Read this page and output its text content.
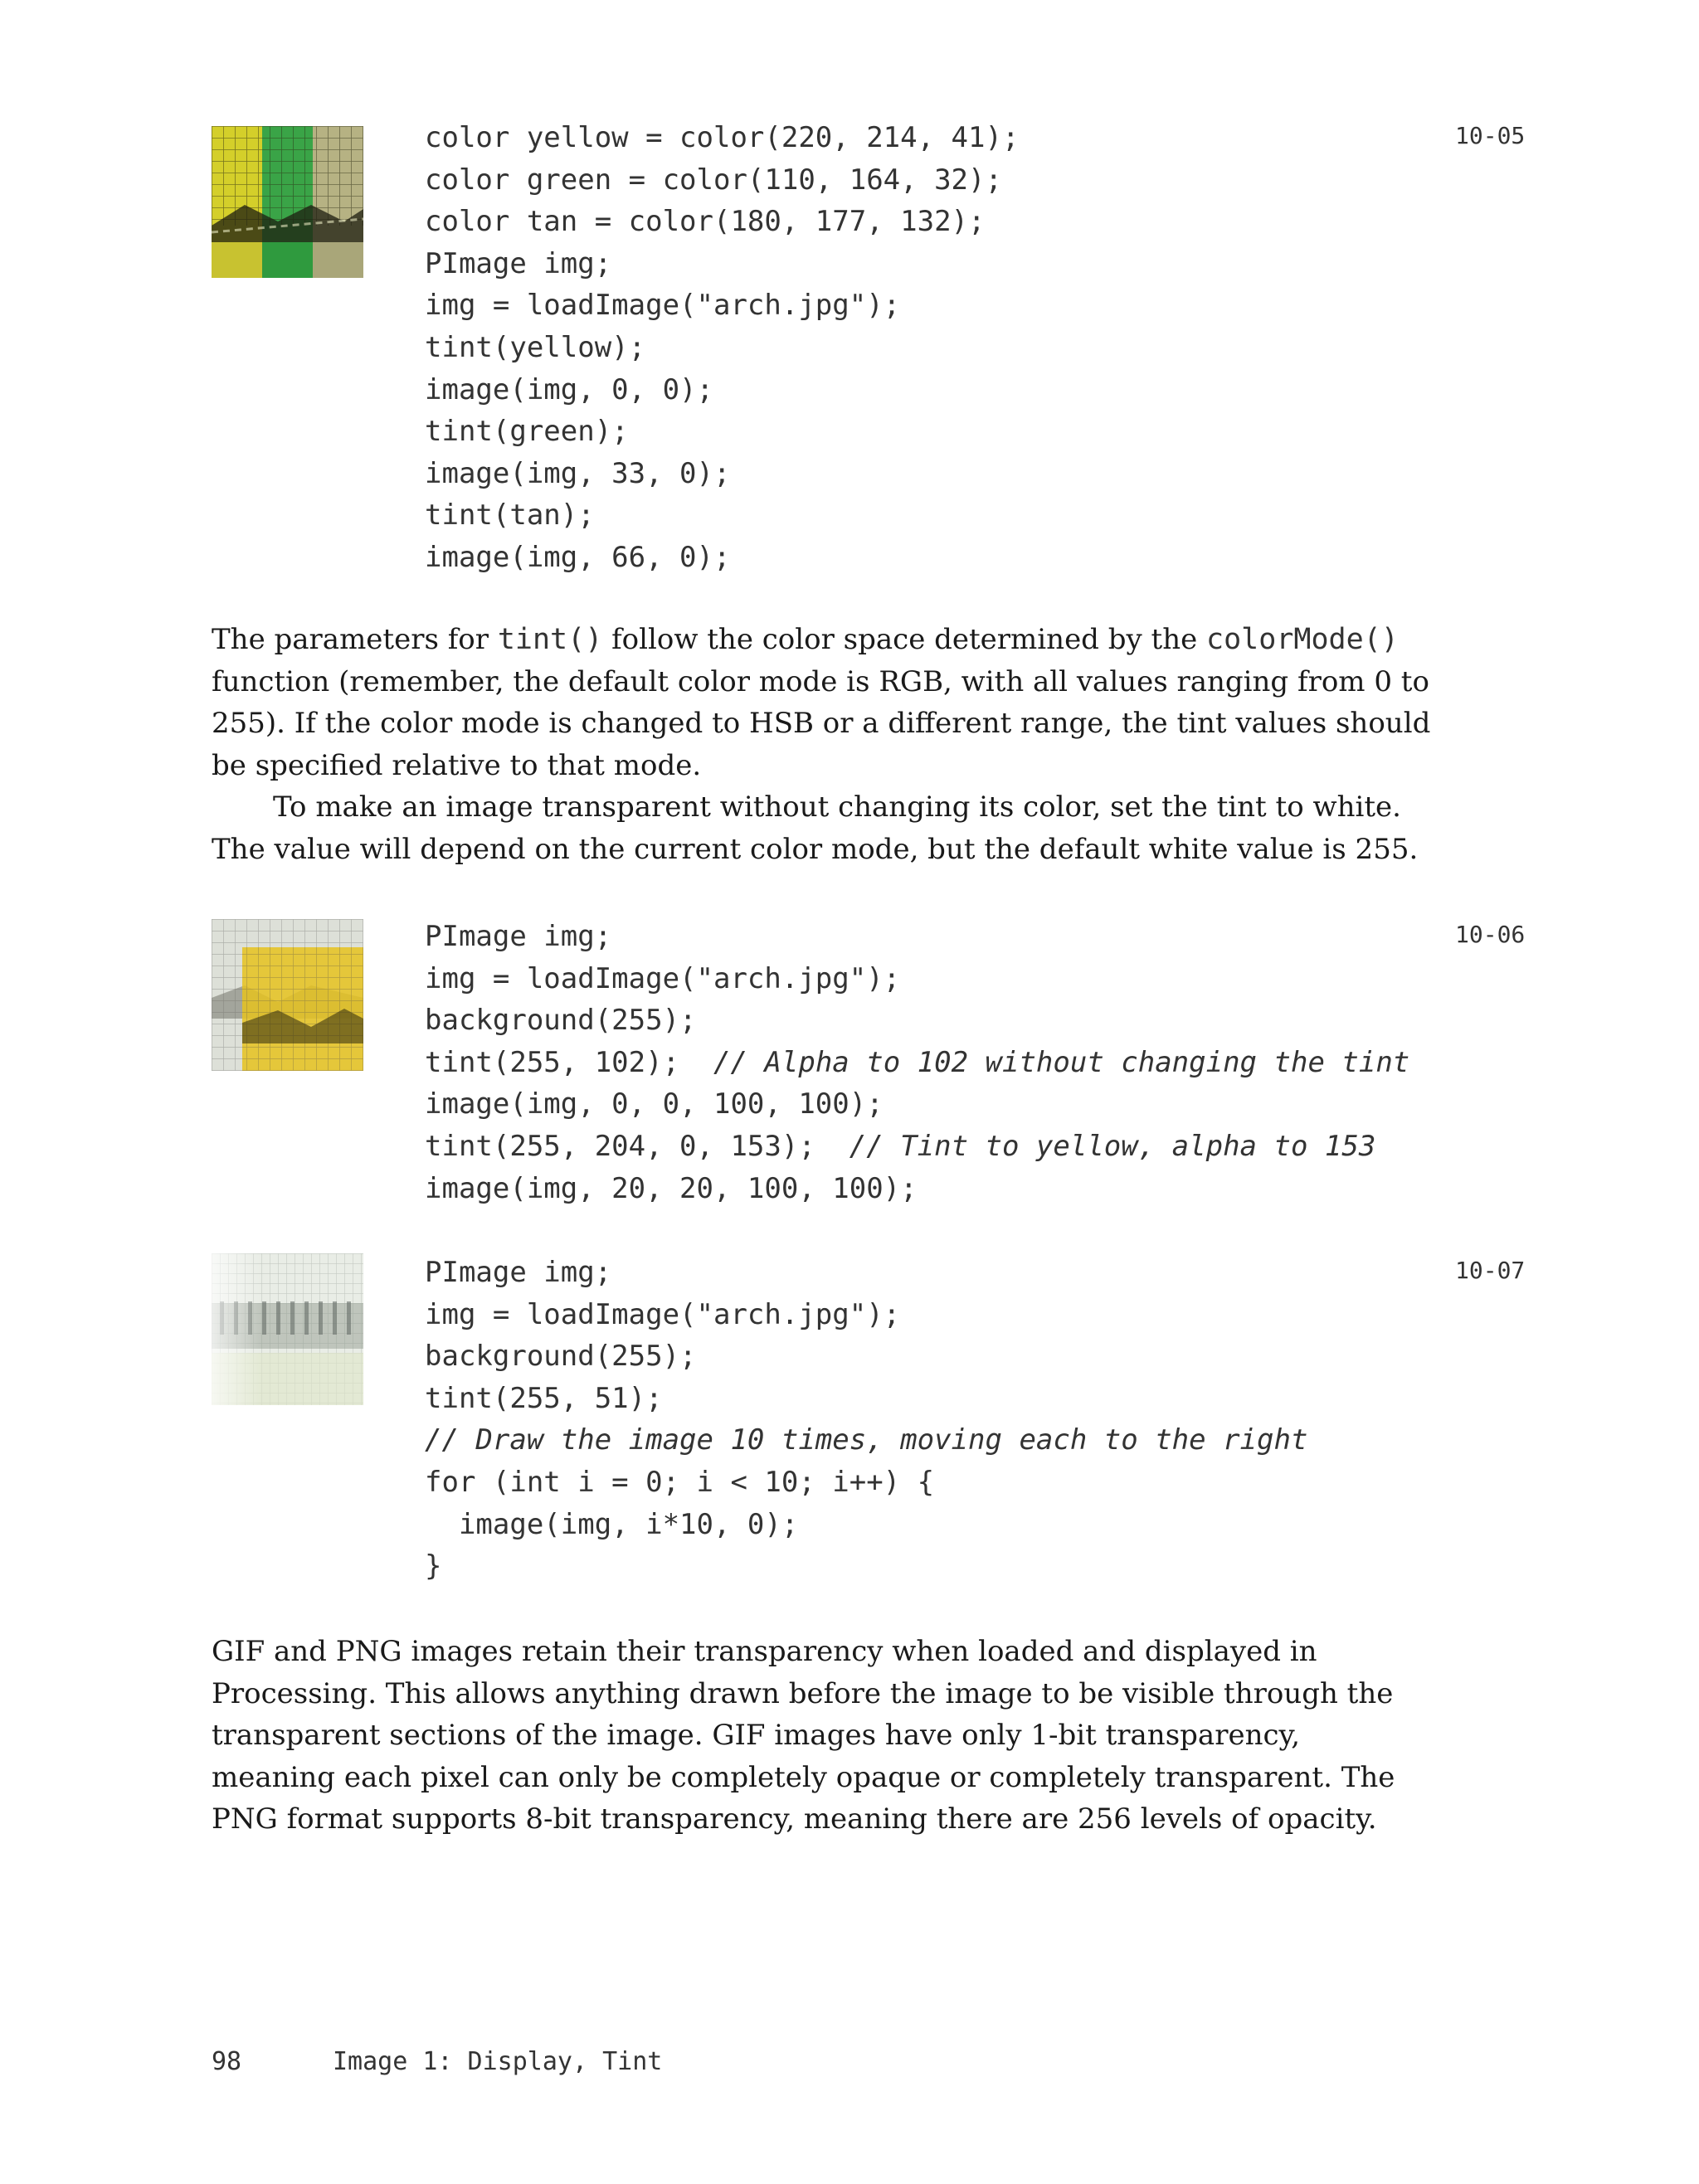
color yellow = color(220, 214, 41);
color green = color(110, 164, 32);
color tan = color(180, 177, 132);
PImage img;
img = loadImage("arch.jpg");
tint(yellow);
image(img, 0, 0);
tint(green);
image(img, 33, 0);
tint(tan);
image(img, 66, 0);
10-05

The parameters for tint() follow the color space determined by the colorMode() function (remember, the default color mode is RGB, with all values ranging from 0 to 255). If the color mode is changed to HSB or a different range, the tint values should be specified relative to that mode.

To make an image transparent without changing its color, set the tint to white. The value will depend on the current color mode, but the default white value is 255.

PImage img;
img = loadImage("arch.jpg");
background(255);
tint(255, 102);  // Alpha to 102 without changing the tint
image(img, 0, 0, 100, 100);
tint(255, 204, 0, 153);  // Tint to yellow, alpha to 153
image(img, 20, 20, 100, 100);
10-06
PImage img;
img = loadImage("arch.jpg");
background(255);
tint(255, 51);
// Draw the image 10 times, moving each to the right
for (int i = 0; i < 10; i++) {
image(img, i*10, 0);
}
10-07

GIF and PNG images retain their transparency when loaded and displayed in Processing. This allows anything drawn before the image to be visible through the transparent sections of the image. GIF images have only 1-bit transparency, meaning each pixel can only be completely opaque or completely transparent. The PNG format supports 8-bit transparency, meaning there are 256 levels of opacity.

98	Image 1: Display, Tint
